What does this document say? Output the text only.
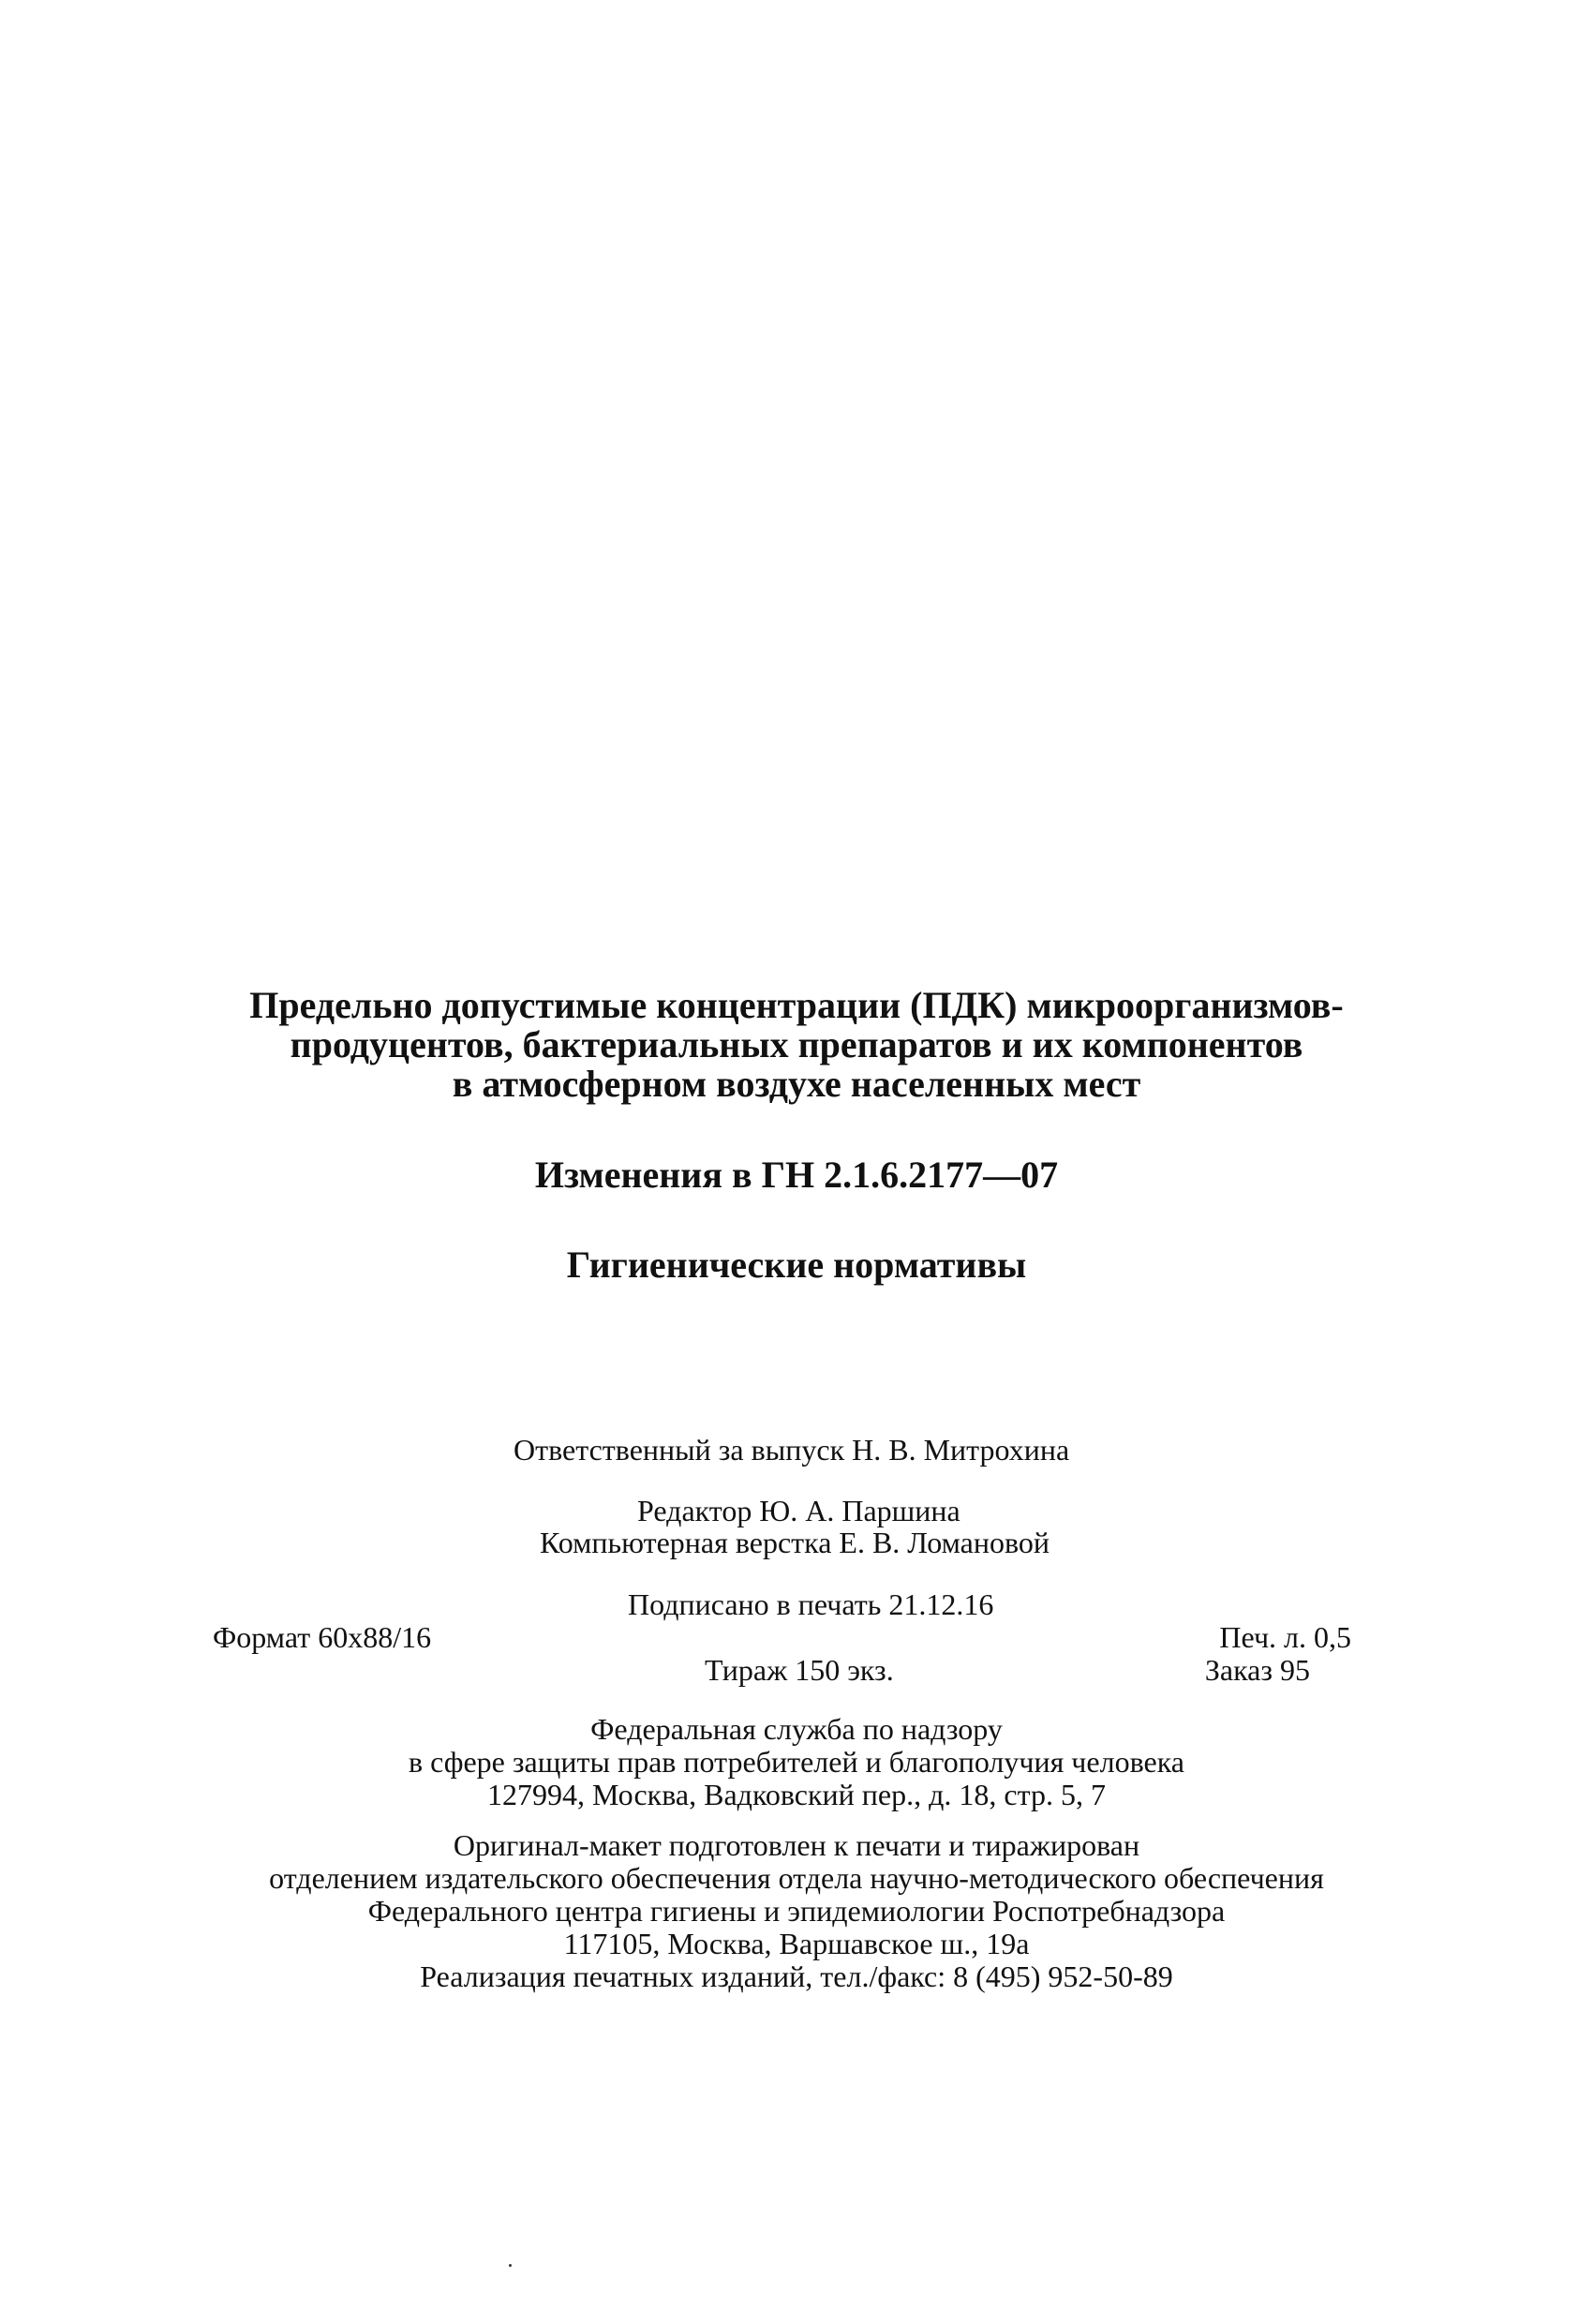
Предельно допустимые концентрации (ПДК) микроорганизмов-
продуцентов, бактериальных препаратов и их компонентов
в атмосферном воздухе населенных мест
Изменения в ГН 2.1.6.2177—07
Гигиенические нормативы
Ответственный за выпуск Н. В. Митрохина
Редактор Ю. А. Паршина
Компьютерная верстка Е. В. Ломановой
Подписано в печать 21.12.16
Формат 60x88/16	Печ. л. 0,5
Тираж 150 экз.	Заказ 95
Федеральная служба по надзору
в сфере защиты прав потребителей и благополучия человека
127994, Москва, Вадковский пер., д. 18, стр. 5, 7
Оригинал-макет подготовлен к печати и тиражирован
отделением издательского обеспечения отдела научно-методического обеспечения
Федерального центра гигиены и эпидемиологии Роспотребнадзора
117105, Москва, Варшавское ш., 19а
Реализация печатных изданий, тел./факс: 8 (495) 952-50-89
